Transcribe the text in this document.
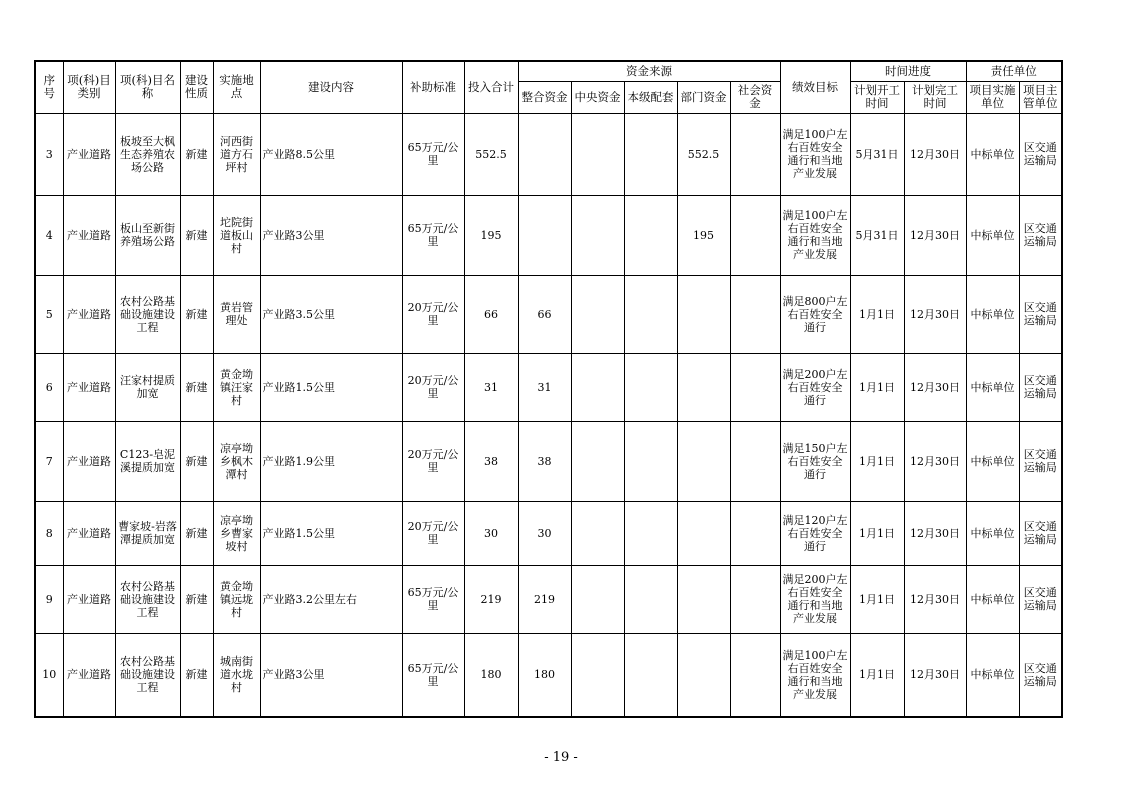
序号	项(科)目类别	项(科)目名称	建设性质	实施地点	建设内容	补助标准	投入合计	资金来源					绩效目标	时间进度		责任单位	
								整合资金	中央资金	本级配套	部门资金	社会资金		计划开工时间	计划完工时间	项目实施单位	项目主管单位
3	产业道路	板坡至大枫生态养殖农场公路	新建	河西街道方石坪村	产业路8.5公里	65万元/公里	552.5				552.5		满足100户左右百姓安全通行和当地产业发展	5月31日	12月30日	中标单位	区交通运输局
4	产业道路	板山至新街养殖场公路	新建	坨院街道板山村	产业路3公里	65万元/公里	195				195		满足100户左右百姓安全通行和当地产业发展	5月31日	12月30日	中标单位	区交通运输局
5	产业道路	农村公路基础设施建设工程	新建	黄岩管理处	产业路3.5公里	20万元/公里	66	66					满足800户左右百姓安全通行	1月1日	12月30日	中标单位	区交通运输局
6	产业道路	汪家村提质加宽	新建	黄金坳镇汪家村	产业路1.5公里	20万元/公里	31	31					满足200户左右百姓安全通行	1月1日	12月30日	中标单位	区交通运输局
7	产业道路	C123-皂泥溪提质加宽	新建	凉亭坳乡枫木潭村	产业路1.9公里	20万元/公里	38	38					满足150户左右百姓安全通行	1月1日	12月30日	中标单位	区交通运输局
8	产业道路	曹家坡-岩落潭提质加宽	新建	凉亭坳乡曹家坡村	产业路1.5公里	20万元/公里	30	30					满足120户左右百姓安全通行	1月1日	12月30日	中标单位	区交通运输局
9	产业道路	农村公路基础设施建设工程	新建	黄金坳镇远垅村	产业路3.2公里左右	65万元/公里	219	219					满足200户左右百姓安全通行和当地产业发展	1月1日	12月30日	中标单位	区交通运输局
10	产业道路	农村公路基础设施建设工程	新建	城南街道水垅村	产业路3公里	65万元/公里	180	180					满足100户左右百姓安全通行和当地产业发展	1月1日	12月30日	中标单位	区交通运输局
- 19 -
